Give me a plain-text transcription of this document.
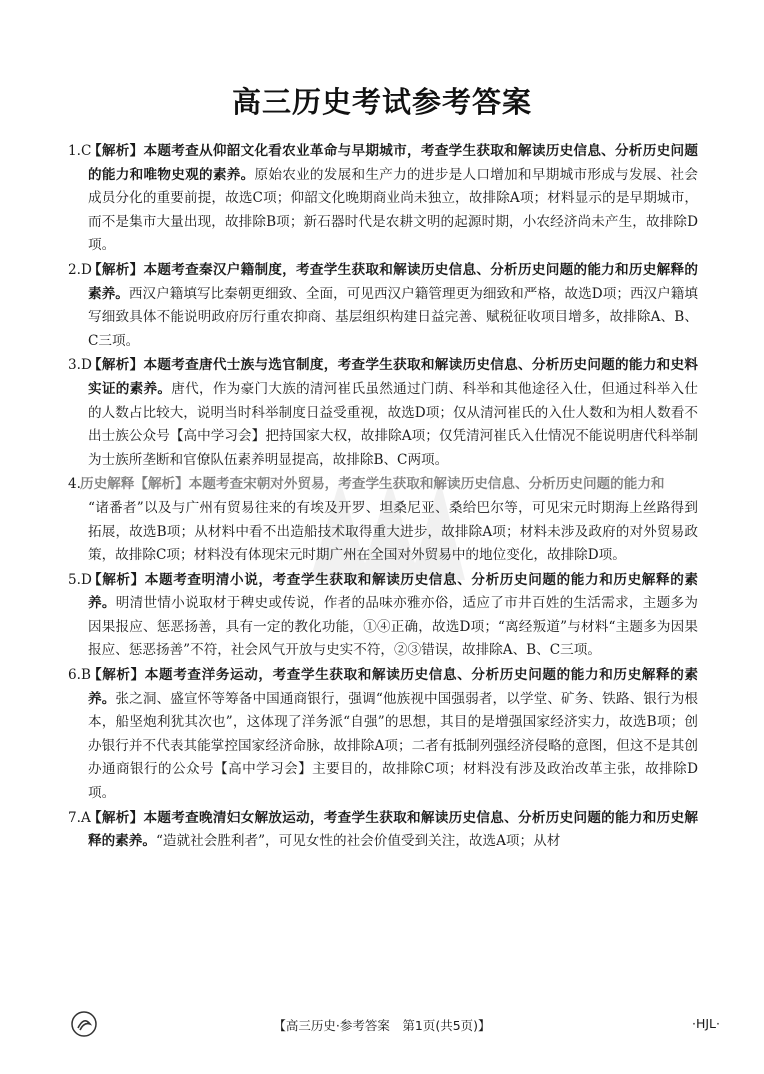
高三历史考试参考答案
1.C
【解析】本题考查从仰韶文化看农业革命与早期城市，考查学生获取和解读历史信息、分析历史问题的能力和唯物史观的素养。原始农业的发展和生产力的进步是人口增加和早期城市形成与发展、社会成员分化的重要前提，故选C项；仰韶文化晚期商业尚未独立，故排除A项；材料显示的是早期城市，而不是集市大量出现，故排除B项；新石器时代是农耕文明的起源时期，小农经济尚未产生，故排除D项。
2.D
【解析】本题考查秦汉户籍制度，考查学生获取和解读历史信息、分析历史问题的能力和历史解释的素养。西汉户籍填写比秦朝更细致、全面，可见西汉户籍管理更为细致和严格，故选D项；西汉户籍填写细致具体不能说明政府厉行重农抑商、基层组织构建日益完善、赋税征收项目增多，故排除A、B、C三项。
3.D
【解析】本题考查唐代士族与选官制度，考查学生获取和解读历史信息、分析历史问题的能力和史料实证的素养。唐代，作为豪门大族的清河崔氏虽然通过门荫、科举和其他途径入仕，但通过科举入仕的人数占比较大，说明当时科举制度日益受重视，故选D项；仅从清河崔氏的入仕人数和为相人数看不出士族公众号【高中学习会】把持国家大权，故排除A项；仅凭清河崔氏入仕情况不能说明唐代科举制为士族所垄断和官僚队伍素养明显提高，故排除B、C两项。
4. 历史解释【解析】本题考查宋朝对外贸易，考查学生获取和解读历史信息、分析历史问题的能力和
“诸番者”以及与广州有贸易往来的有埃及开罗、坦桑尼亚、桑给巴尔等，可见宋元时期海上丝路得到拓展，故选B项；从材料中看不出造船技术取得重大进步，故排除A项；材料未涉及政府的对外贸易政策，故排除C项；材料没有体现宋元时期广州在全国对外贸易中的地位变化，故排除D项。
5.D
【解析】本题考查明清小说，考查学生获取和解读历史信息、分析历史问题的能力和历史解释的素养。明清世情小说取材于稗史或传说，作者的品味亦雅亦俗，适应了市井百姓的生活需求，主题多为因果报应、惩恶扬善，具有一定的教化功能，①④正确，故选D项；“离经叛道”与材料“主题多为因果报应、惩恶扬善”不符，社会风气开放与史实不符，②③错误，故排除A、B、C三项。
6.B
【解析】本题考查洋务运动，考查学生获取和解读历史信息、分析历史问题的能力和历史解释的素养。张之洞、盛宣怀等筹备中国通商银行，强调“他族视中国强弱者，以学堂、矿务、铁路、银行为根本，船坚炮利犹其次也”，这体现了洋务派“自强”的思想，其目的是增强国家经济实力，故选B项；创办银行并不代表其能掌控国家经济命脉，故排除A项；二者有抵制列强经济侵略的意图，但这不是其创办通商银行的公众号【高中学习会】主要目的，故排除C项；材料没有涉及政治改革主张，故排除D项。
7.A
【解析】本题考查晚清妇女解放运动，考查学生获取和解读历史信息、分析历史问题的能力和历史解释的素养。“造就社会胜利者”，可见女性的社会价值受到关注，故选A项；从材
【高三历史·参考答案　第1页(共5页)】	·HJL·
